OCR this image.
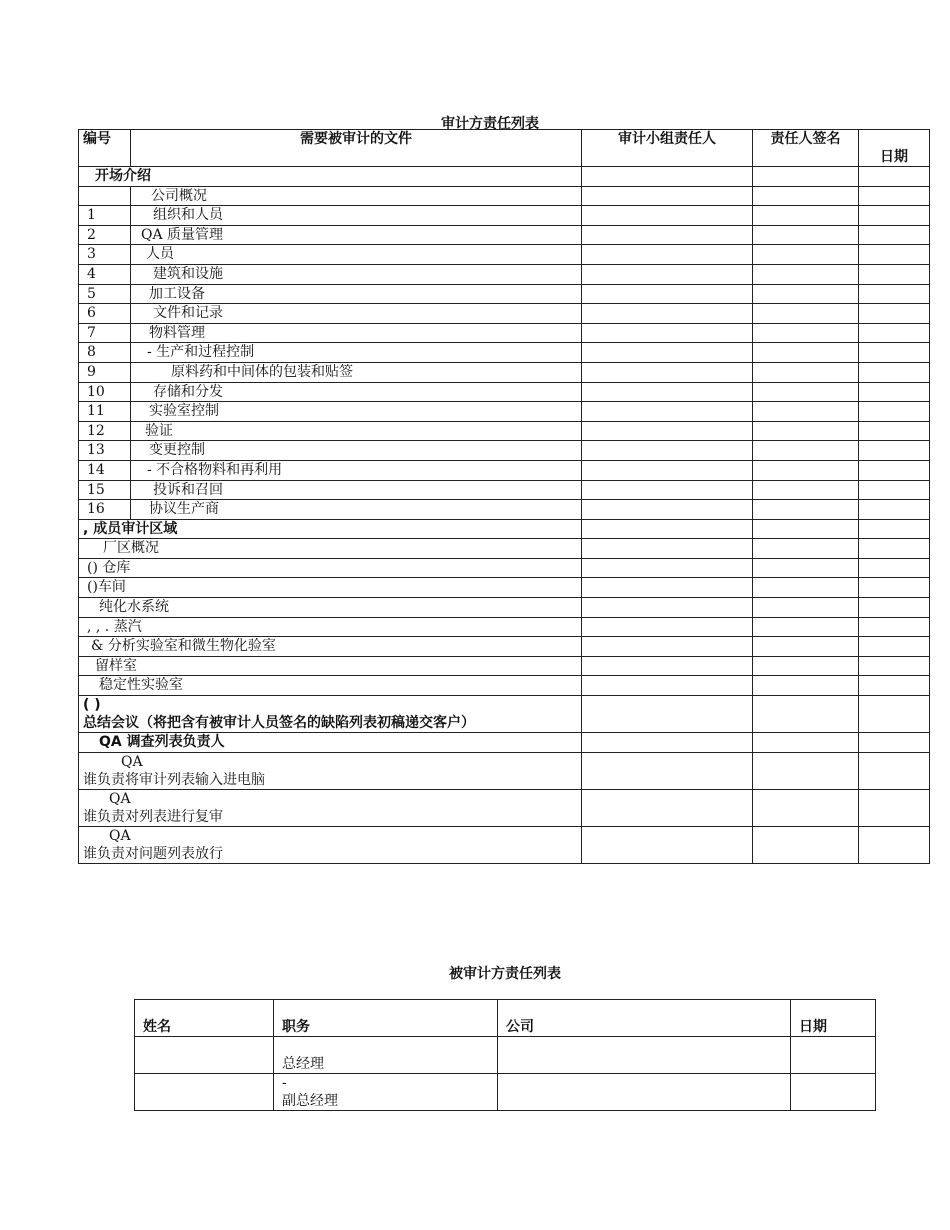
审计方责任列表
编号	需要被审计的文件	审计小组责任人	责任人签名	日期
开场介绍				
	公司概况			
1	组织和人员			
2	QA 质量管理			
3	人员			
4	建筑和设施			
5	加工设备			
6	文件和记录			
7	物料管理			
8	- 生产和过程控制			
9	原料药和中间体的包装和贴签			
10	存储和分发			
11	实验室控制			
12	验证			
13	变更控制			
14	- 不合格物料和再利用			
15	投诉和召回			
16	协议生产商			
, 成员审计区域				
厂区概况				
() 仓库				
()车间				
纯化水系统				
, , . 蒸汽				
& 分析实验室和微生物化验室				
留样室				
稳定性实验室				

( )
总结会议（将把含有被审计人员签名的缺陷列表初稿递交客户）				

QA 调查列表负责人				

QA
谁负责将审计列表输入进电脑				

QA
谁负责对列表进行复审				

QA
谁负责对问题列表放行				

被审计方责任列表
姓名	职务	公司	日期

	总经理		

	-
副总经理		
